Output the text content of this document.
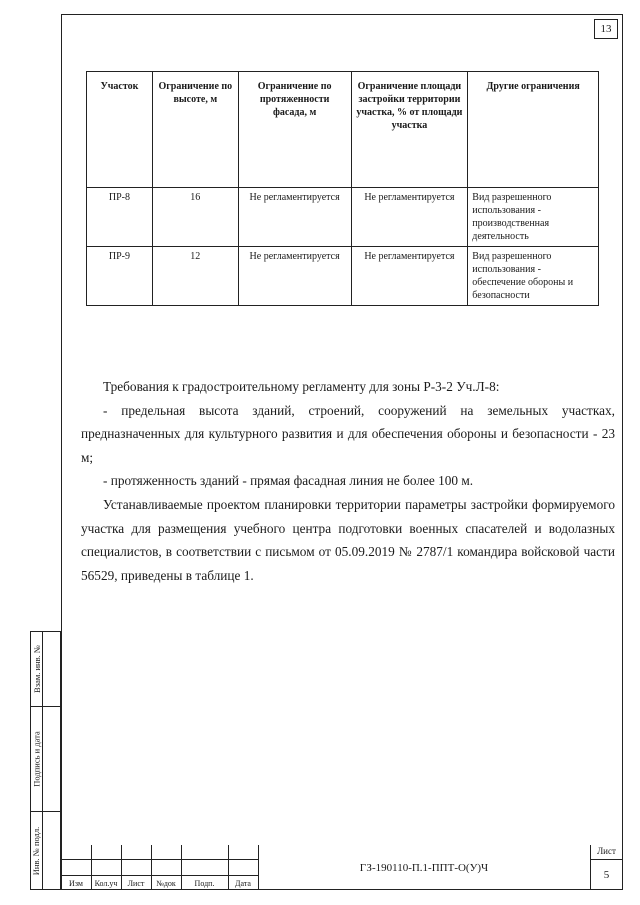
13
Участок	Ограничение по высоте, м	Ограничение по протяженности фасада, м	Ограничение площади застройки территории участка, % от площади участка	Другие ограничения
ПР-8	16	Не регламентируется	Не регламентируется	Вид разрешенного использования - производственная деятельность
ПР-9	12	Не регламентируется	Не регламентируется	Вид разрешенного использования - обеспечение обороны и безопасности

Требования к градостроительному регламенту для зоны Р-3-2 Уч.Л-8:

- предельная высота зданий, строений, сооружений на земельных участках, предназначенных для культурного развития и для обеспечения обороны и безопасности - 23 м;

- протяженность зданий - прямая фасадная линия не более 100 м.

Устанавливаемые проектом планировки территории параметры застройки формируемого участка для размещения учебного центра подготовки военных спасателей и водолазных специалистов, в соответствии с письмом от 05.09.2019 № 2787/1 командира войсковой части 56529, приведены в таблице 1.

Взам. инв. №
Подпись и дата
Инв. № подл.
Изм	Кол.уч	Лист	№док	Подп.	Дата
ГЗ-190110-П.1-ППТ-О(У)Ч
Лист
5
